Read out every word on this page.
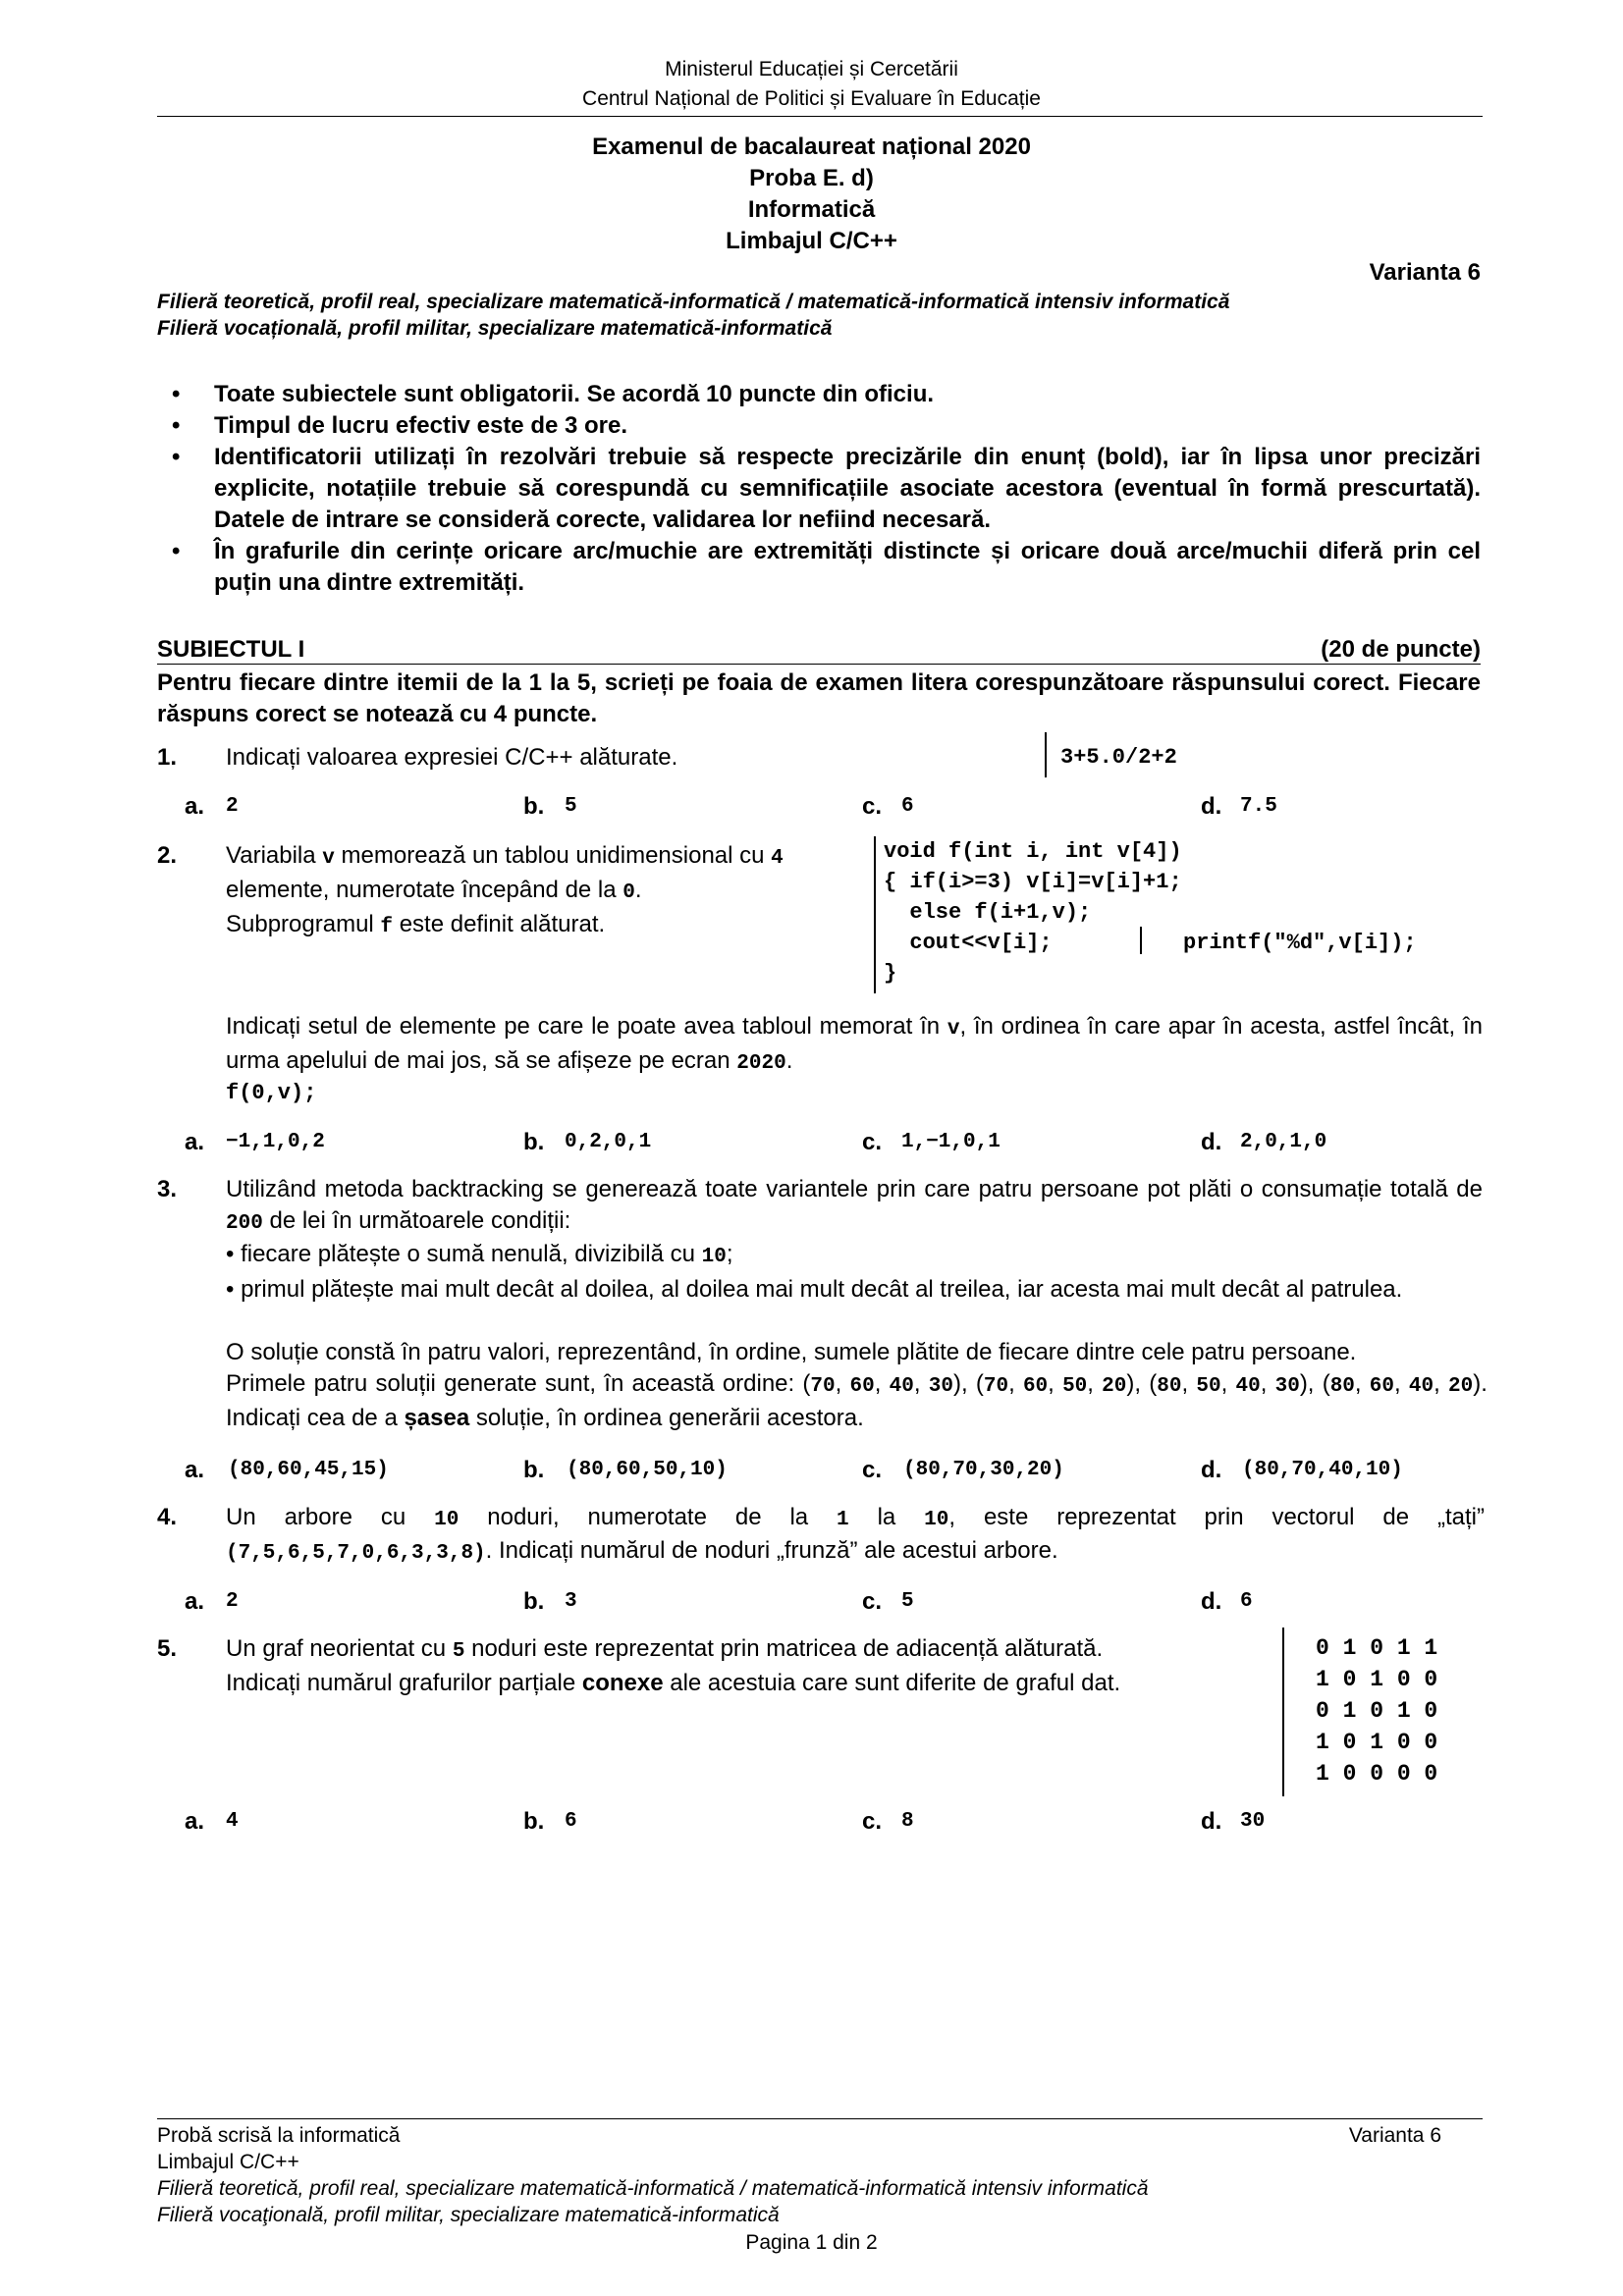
Ministerul Educației și Cercetării
Centrul Național de Politici și Evaluare în Educație
Examenul de bacalaureat național 2020
Proba E. d)
Informatică
Limbajul C/C++
Varianta 6
Filieră teoretică, profil real, specializare matematică-informatică / matematică-informatică intensiv informatică
Filieră vocațională, profil militar, specializare matematică-informatică
• Toate subiectele sunt obligatorii. Se acordă 10 puncte din oficiu.
• Timpul de lucru efectiv este de 3 ore.
• Identificatorii utilizați în rezolvări trebuie să respecte precizările din enunț (bold), iar în lipsa unor precizări explicite, notațiile trebuie să corespundă cu semnificațiile asociate acestora (eventual în formă prescurtată). Datele de intrare se consideră corecte, validarea lor nefiind necesară.
• În grafurile din cerințe oricare arc/muchie are extremități distincte și oricare două arce/muchii diferă prin cel puțin una dintre extremități.
SUBIECTUL I	(20 de puncte)
Pentru fiecare dintre itemii de la 1 la 5, scrieți pe foaia de examen litera corespunzătoare răspunsului corect. Fiecare răspuns corect se notează cu 4 puncte.
1. Indicați valoarea expresiei C/C++ alăturate.	3+5.0/2+2
a. 2	b. 5	c. 6	d. 7.5
2. Variabila v memorează un tablou unidimensional cu 4 elemente, numerotate începând de la 0.
Subprogramul f este definit alăturat.
void f(int i, int v[4])
{ if(i>=3) v[i]=v[i]+1;
else f(i+1,v);
cout<<v[i];	printf("%d",v[i]);
}
Indicați setul de elemente pe care le poate avea tabloul memorat în v, în ordinea în care apar în acesta, astfel încât, în urma apelului de mai jos, să se afișeze pe ecran 2020.
f(0,v);
a. −1,1,0,2	b. 0,2,0,1	c. 1,−1,0,1	d. 2,0,1,0
3. Utilizând metoda backtracking se generează toate variantele prin care patru persoane pot plăti o consumație totală de 200 de lei în următoarele condiții:
• fiecare plătește o sumă nenulă, divizibilă cu 10;
• primul plătește mai mult decât al doilea, al doilea mai mult decât al treilea, iar acesta mai mult decât al patrulea.
O soluție constă în patru valori, reprezentând, în ordine, sumele plătite de fiecare dintre cele patru persoane.
Primele patru soluții generate sunt, în această ordine: (70, 60, 40, 30), (70, 60, 50, 20), (80, 50, 40, 30), (80, 60, 40, 20). Indicați cea de a șasea soluție, în ordinea generării acestora.
a. (80,60,45,15)	b. (80,60,50,10)	c. (80,70,30,20)	d. (80,70,40,10)
4. Un arbore cu 10 noduri, numerotate de la 1 la 10, este reprezentat prin vectorul de „tați”
(7,5,6,5,7,0,6,3,3,8). Indicați numărul de noduri „frunză” ale acestui arbore.
a. 2	b. 3	c. 5	d. 6
5. Un graf neorientat cu 5 noduri este reprezentat prin matricea de adiacență alăturată.
Indicați numărul grafurilor parțiale conexe ale acestuia care sunt diferite de graful dat.
0 1 0 1 1
1 0 1 0 0
0 1 0 1 0
1 0 1 0 0
1 0 0 0 0
a. 4	b. 6	c. 8	d. 30
Probă scrisă la informatică	Varianta 6
Limbajul C/C++
Filieră teoretică, profil real, specializare matematică-informatică / matematică-informatică intensiv informatică
Filieră vocaţională, profil militar, specializare matematică-informatică
Pagina 1 din 2
